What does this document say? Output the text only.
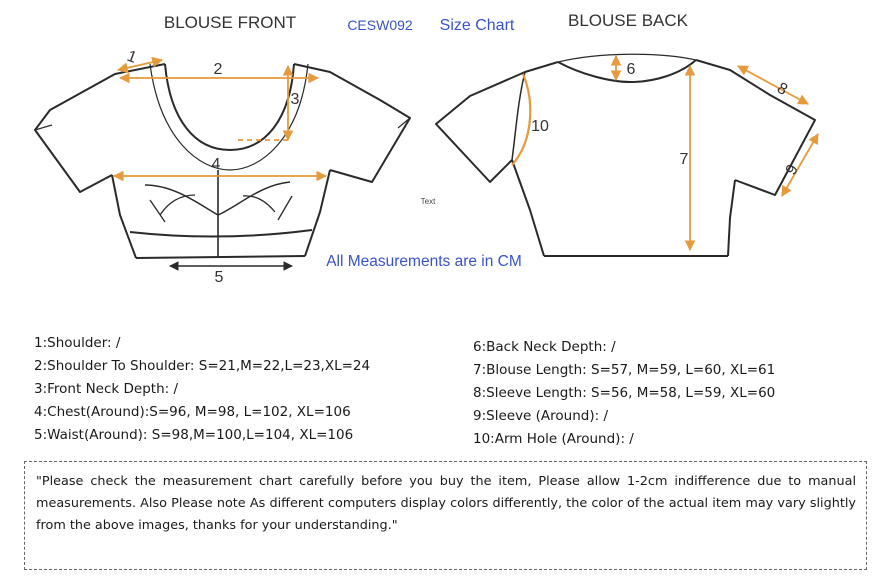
BLOUSE FRONT	CESW092 Size Chart	BLOUSE BACK
1
2
3
4
5
6
7
8
9
10
Text
All Measurements are in CM
1:Shoulder: /
2:Shoulder To Shoulder: S=21,M=22,L=23,XL=24
3:Front Neck Depth: /
4:Chest(Around):S=96, M=98, L=102, XL=106
5:Waist(Around): S=98,M=100,L=104, XL=106
6:Back Neck Depth: /
7:Blouse Length: S=57, M=59, L=60, XL=61
8:Sleeve Length: S=56, M=58, L=59, XL=60
9:Sleeve (Around): /
10:Arm Hole (Around): /
"Please check the measurement chart carefully before you buy the item, Please allow 1-2cm indifference due to manual measurements. Also Please note As different computers display colors differently, the color of the actual item may vary slightly from the above images, thanks for your understanding."
